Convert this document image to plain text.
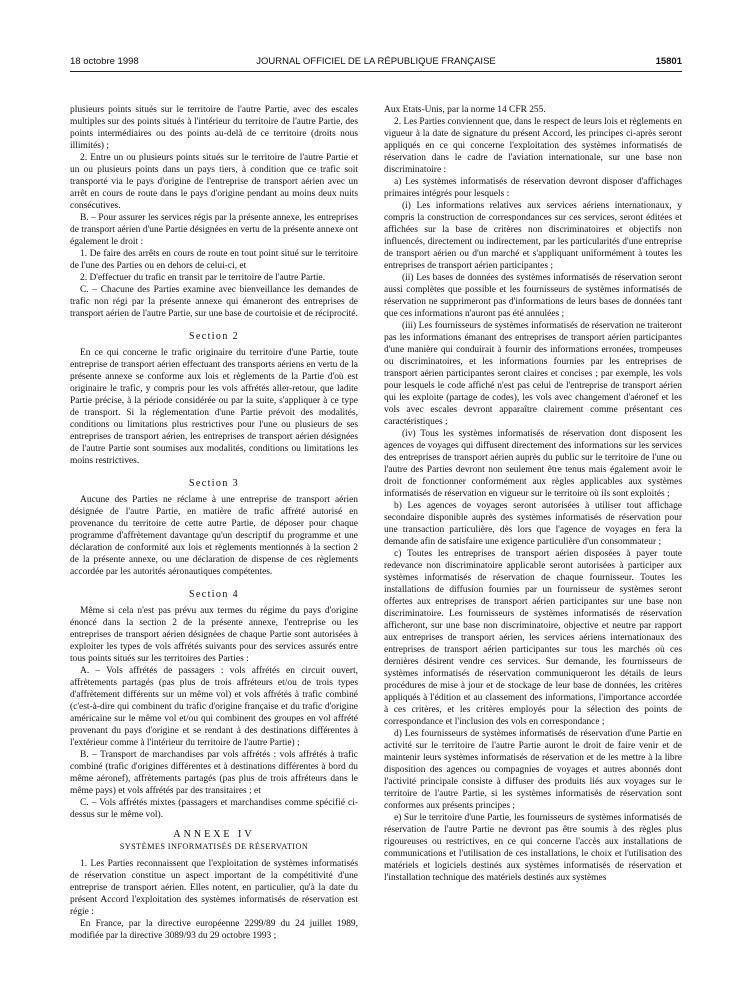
18 octobre 1998	JOURNAL OFFICIEL DE LA RÉPUBLIQUE FRANÇAISE	15801

plusieurs points situés sur le territoire de l'autre Partie, avec des escales multiples sur des points situés à l'intérieur du territoire de l'autre Partie, des points intermédiaires ou des points au-delà de ce territoire (droits nous illimités) ;

2. Entre un ou plusieurs points situés sur le territoire de l'autre Partie et un ou plusieurs points dans un pays tiers, à condition que ce trafic soit transporté via le pays d'origine de l'entreprise de transport aérien avec un arrêt en cours de route dans le pays d'origine pendant au moins deux nuits consécutives.

B. – Pour assurer les services régis par la présente annexe, les entreprises de transport aérien d'une Partie désignées en vertu de la présente annexe ont également le droit :

1. De faire des arrêts en cours de route en tout point situé sur le territoire de l'une des Parties ou en dehors de celui-ci, et

2. D'effectuer du trafic en transit par le territoire de l'autre Partie.

C. – Chacune des Parties examine avec bienveillance les demandes de trafic non régi par la présente annexe qui émaneront des entreprises de transport aérien de l'autre Partie, sur une base de courtoisie et de réciprocité.

Section 2

En ce qui concerne le trafic originaire du territoire d'une Partie, toute entreprise de transport aérien effectuant des transports aériens en vertu de la présente annexe se conforme aux lois et règlements de la Partie d'où est originaire le trafic, y compris pour les vols affrétés aller-retour, que ladite Partie précise, à la période considérée ou par la suite, s'appliquer à ce type de transport. Si la réglementation d'une Partie prévoit des modalités, conditions ou limitations plus restrictives pour l'une ou plusieurs de ses entreprises de transport aérien, les entreprises de transport aérien désignées de l'autre Partie sont soumises aux modalités, conditions ou limitations les moins restrictives.

Section 3

Aucune des Parties ne réclame à une entreprise de transport aérien désignée de l'autre Partie, en matière de trafic affrété autorisé en provenance du territoire de cette autre Partie, de déposer pour chaque programme d'affrètement davantage qu'un descriptif du programme et une déclaration de conformité aux lois et règlements mentionnés à la section 2 de la présente annexe, ou une déclaration de dispense de ces règlements accordée par les autorités aéronautiques compétentes.

Section 4

Même si cela n'est pas prévu aux termes du régime du pays d'origine énoncé dans la section 2 de la présente annexe, l'entreprise ou les entreprises de transport aérien désignées de chaque Partie sont autorisées à exploiter les types de vols affrétés suivants pour des services assurés entre tous points situés sur les territoires des Parties :

A. – Vols affrétés de passagers : vols affrétés en circuit ouvert, affrètements partagés (pas plus de trois affréteurs et/ou de trois types d'affrètement différents sur un même vol) et vols affrétés à trafic combiné (c'est-à-dire qui combinent du trafic d'origine française et du trafic d'origine américaine sur le même vol et/ou qui combinent des groupes en vol affrété provenant du pays d'origine et se rendant à des destinations différentes à l'extérieur comme à l'intérieur du territoire de l'autre Partie) ;

B. – Transport de marchandises par vols affrétés : vols affrétés à trafic combiné (trafic d'origines différentes et à destinations différentes à bord du même aéronef), affrètements partagés (pas plus de trois affréteurs dans le même pays) et vols affrétés par des transitaires ; et

C. – Vols affrétés mixtes (passagers et marchandises comme spécifié ci-dessus sur le même vol).

ANNEXE IV

SYSTÈMES INFORMATISÉS DE RÉSERVATION

1. Les Parties reconnaissent que l'exploitation de systèmes informatisés de réservation constitue un aspect important de la compétitivité d'une entreprise de transport aérien. Elles notent, en particulier, qu'à la date du présent Accord l'exploitation des systèmes informatisés de réservation est régie :

En France, par la directive européenne 2299/89 du 24 juillet 1989, modifiée par la directive 3089/93 du 29 octobre 1993 ;

Aux Etats-Unis, par la norme 14 CFR 255.

2. Les Parties conviennent que, dans le respect de leurs lois et règlements en vigueur à la date de signature du présent Accord, les principes ci-après seront appliqués en ce qui concerne l'exploitation des systèmes informatisés de réservation dans le cadre de l'aviation internationale, sur une base non discriminatoire :

a) Les systèmes informatisés de réservation devront disposer d'affichages primaires intégrés pour lesquels :

(i) Les informations relatives aux services aériens internationaux, y compris la construction de correspondances sur ces services, seront éditées et affichées sur la base de critères non discriminatoires et objectifs non influencés, directement ou indirectement, par les particularités d'une entreprise de transport aérien ou d'un marché et s'appliquant uniformément à toutes les entreprises de transport aérien participantes ;

(ii) Les bases de données des systèmes informatisés de réservation seront aussi complètes que possible et les fournisseurs de systèmes informatisés de réservation ne supprimeront pas d'informations de leurs bases de données tant que ces informations n'auront pas été annulées ;

(iii) Les fournisseurs de systèmes informatisés de réservation ne traiteront pas les informations émanant des entreprises de transport aérien participantes d'une manière qui conduirait à fournir des informations erronées, trompeuses ou discriminatoires, et les informations fournies par les entreprises de transport aérien participantes seront claires et concises ; par exemple, les vols pour lesquels le code affiché n'est pas celui de l'entreprise de transport aérien qui les exploite (partage de codes), les vols avec changement d'aéronef et les vols avec escales devront apparaître clairement comme présentant ces caractéristiques ;

(iv) Tous les systèmes informatisés de réservation dont disposent les agences de voyages qui diffusent directement des informations sur les services des entreprises de transport aérien auprès du public sur le territoire de l'une ou l'autre des Parties devront non seulement être tenus mais également avoir le droit de fonctionner conformément aux règles applicables aux systèmes informatisés de réservation en vigueur sur le territoire où ils sont exploités ;

b) Les agences de voyages seront autorisées à utiliser tout affichage secondaire disponible auprès des systèmes informatisés de réservation pour une transaction particulière, dès lors que l'agence de voyages en fera la demande afin de satisfaire une exigence particulière d'un consommateur ;

c) Toutes les entreprises de transport aérien disposées à payer toute redevance non discriminatoire applicable seront autorisées à participer aux systèmes informatisés de réservation de chaque fournisseur. Toutes les installations de diffusion fournies par un fournisseur de systèmes seront offertes aux entreprises de transport aérien participantes sur une base non discriminatoire. Les fournisseurs de systèmes informatisés de réservation afficheront, sur une base non discriminatoire, objective et neutre par rapport aux entreprises de transport aérien, les services aériens internationaux des entreprises de transport aérien participantes sur tous les marchés où ces dernières désirent vendre ces services. Sur demande, les fournisseurs de systèmes informatisés de réservation communiqueront les détails de leurs procédures de mise à jour et de stockage de leur base de données, les critères appliqués à l'édition et au classement des informations, l'importance accordée à ces critères, et les critères employés pour la sélection des points de correspondance et l'inclusion des vols en correspondance ;

d) Les fournisseurs de systèmes informatisés de réservation d'une Partie en activité sur le territoire de l'autre Partie auront le droit de faire venir et de maintenir leurs systèmes informatisés de réservation et de les mettre à la libre disposition des agences ou compagnies de voyages et autres abonnés dont l'activité principale consiste à diffuser des produits liés aux voyages sur le territoire de l'autre Partie, si les systèmes informatisés de réservation sont conformes aux présents principes ;

e) Sur le territoire d'une Partie, les fournisseurs de systèmes informatisés de réservation de l'autre Partie ne devront pas être soumis à des règles plus rigoureuses ou restrictives, en ce qui concerne l'accès aux installations de communications et l'utilisation de ces installations, le choix et l'utilisation des matériels et logiciels destinés aux systèmes informatisés de réservation et l'installation technique des matériels destinés aux systèmes
